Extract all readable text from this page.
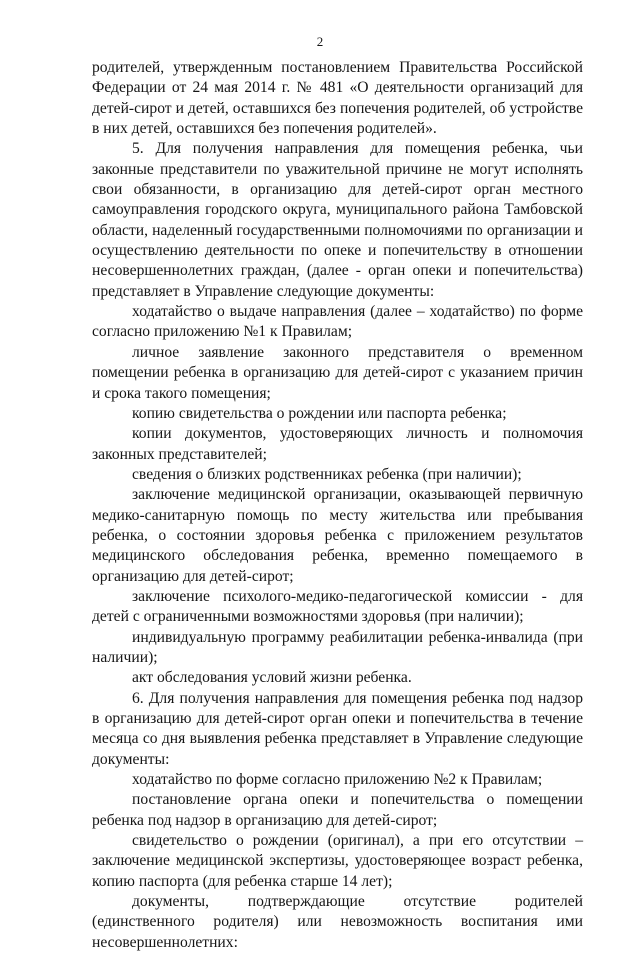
2

родителей, утвержденным постановлением Правительства Российской Федерации от 24 мая 2014 г. № 481 «О деятельности организаций для детей-сирот и детей, оставшихся без попечения родителей, об устройстве в них детей, оставшихся без попечения родителей».

5. Для получения направления для помещения ребенка, чьи законные представители по уважительной причине не могут исполнять свои обязанности, в организацию для детей-сирот орган местного самоуправления городского округа, муниципального района Тамбовской области, наделенный государственными полномочиями по организации и осуществлению деятельности по опеке и попечительству в отношении несовершеннолетних граждан, (далее - орган опеки и попечительства) представляет в Управление следующие документы:

ходатайство о выдаче направления (далее – ходатайство) по форме согласно приложению №1 к Правилам;

личное заявление законного представителя о временном помещении ребенка в организацию для детей-сирот с указанием причин и срока такого помещения;

копию свидетельства о рождении или паспорта ребенка;

копии документов, удостоверяющих личность и полномочия законных представителей;

сведения о близких родственниках ребенка (при наличии);

заключение медицинской организации, оказывающей первичную медико-санитарную помощь по месту жительства или пребывания ребенка, о состоянии здоровья ребенка с приложением результатов медицинского обследования ребенка, временно помещаемого в организацию для детей-сирот;

заключение психолого-медико-педагогической комиссии - для детей с ограниченными возможностями здоровья (при наличии);

индивидуальную программу реабилитации ребенка-инвалида (при наличии);

акт обследования условий жизни ребенка.

6. Для получения направления для помещения ребенка под надзор в организацию для детей-сирот орган опеки и попечительства в течение месяца со дня выявления ребенка представляет в Управление следующие документы:

ходатайство по форме согласно приложению №2 к Правилам;

постановление органа опеки и попечительства о помещении ребенка под надзор в организацию для детей-сирот;

свидетельство о рождении (оригинал), а при его отсутствии – заключение медицинской экспертизы, удостоверяющее возраст ребенка, копию паспорта (для ребенка старше 14 лет);

документы, подтверждающие отсутствие родителей (единственного родителя) или невозможность воспитания ими несовершеннолетних:
